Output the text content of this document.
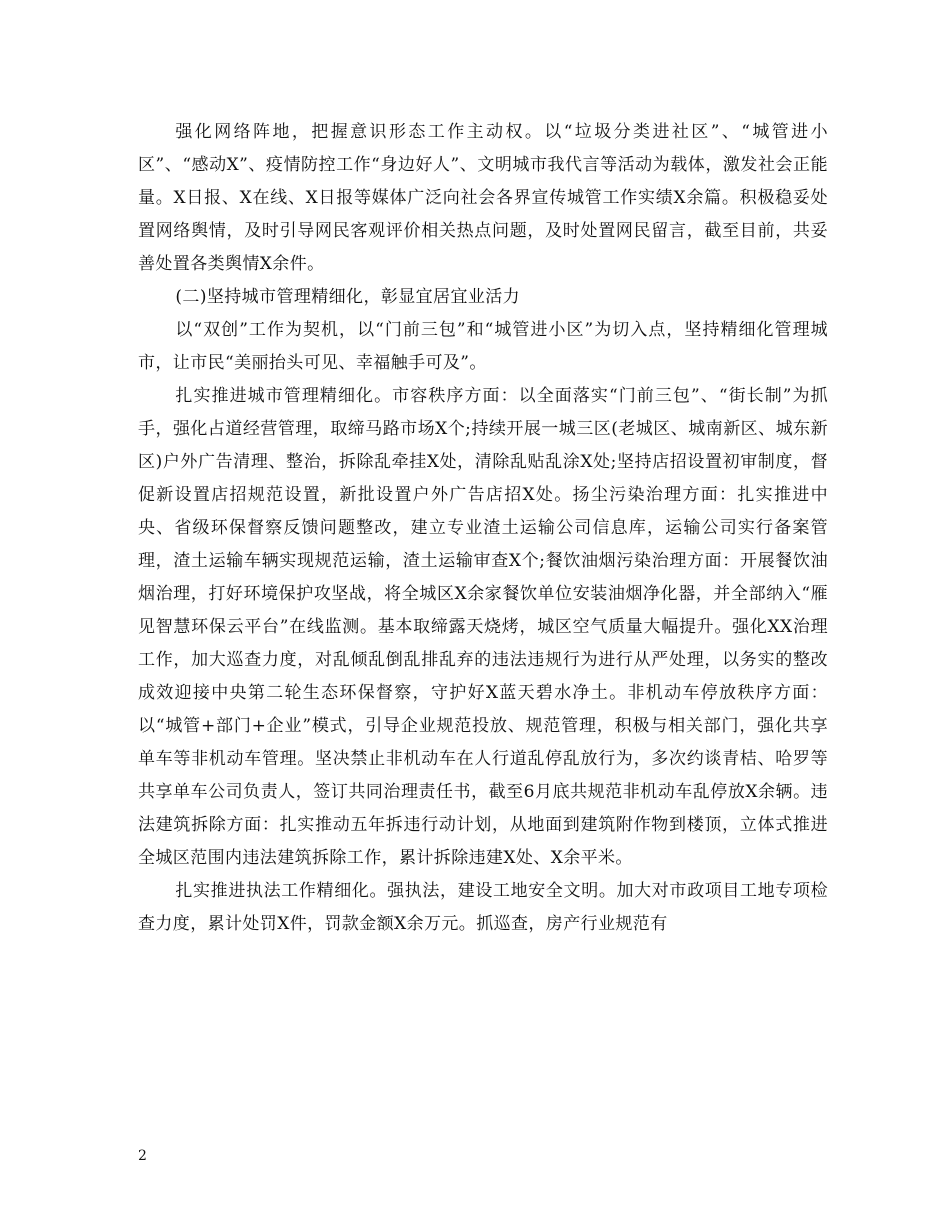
强化网络阵地，把握意识形态工作主动权。以“垃圾分类进社区”、“城管进小区”、“感动X”、疫情防控工作“身边好人”、文明城市我代言等活动为载体，激发社会正能量。X日报、X在线、X日报等媒体广泛向社会各界宣传城管工作实绩X余篇。积极稳妥处置网络舆情，及时引导网民客观评价相关热点问题，及时处置网民留言，截至目前，共妥善处置各类舆情X余件。

(二)坚持城市管理精细化，彰显宜居宜业活力

以“双创”工作为契机，以“门前三包”和“城管进小区”为切入点，坚持精细化管理城市，让市民“美丽抬头可见、幸福触手可及”。

扎实推进城市管理精细化。市容秩序方面：以全面落实“门前三包”、“街长制”为抓手，强化占道经营管理，取缔马路市场X个;持续开展一城三区(老城区、城南新区、城东新区)户外广告清理、整治，拆除乱牵挂X处，清除乱贴乱涂X处;坚持店招设置初审制度，督促新设置店招规范设置，新批设置户外广告店招X处。扬尘污染治理方面：扎实推进中央、省级环保督察反馈问题整改，建立专业渣土运输公司信息库，运输公司实行备案管理，渣土运输车辆实现规范运输，渣土运输审查X个;餐饮油烟污染治理方面：开展餐饮油烟治理，打好环境保护攻坚战，将全城区X余家餐饮单位安装油烟净化器，并全部纳入“雁见智慧环保云平台”在线监测。基本取缔露天烧烤，城区空气质量大幅提升。强化XX治理工作，加大巡查力度，对乱倾乱倒乱排乱弃的违法违规行为进行从严处理，以务实的整改成效迎接中央第二轮生态环保督察，守护好X蓝天碧水净土。非机动车停放秩序方面：以“城管+部门+企业”模式，引导企业规范投放、规范管理，积极与相关部门，强化共享单车等非机动车管理。坚决禁止非机动车在人行道乱停乱放行为，多次约谈青桔、哈罗等共享单车公司负责人，签订共同治理责任书，截至6月底共规范非机动车乱停放X余辆。违法建筑拆除方面：扎实推动五年拆违行动计划，从地面到建筑附作物到楼顶，立体式推进全城区范围内违法建筑拆除工作，累计拆除违建X处、X余平米。

扎实推进执法工作精细化。强执法，建设工地安全文明。加大对市政项目工地专项检查力度，累计处罚X件，罚款金额X余万元。抓巡查，房产行业规范有

2
